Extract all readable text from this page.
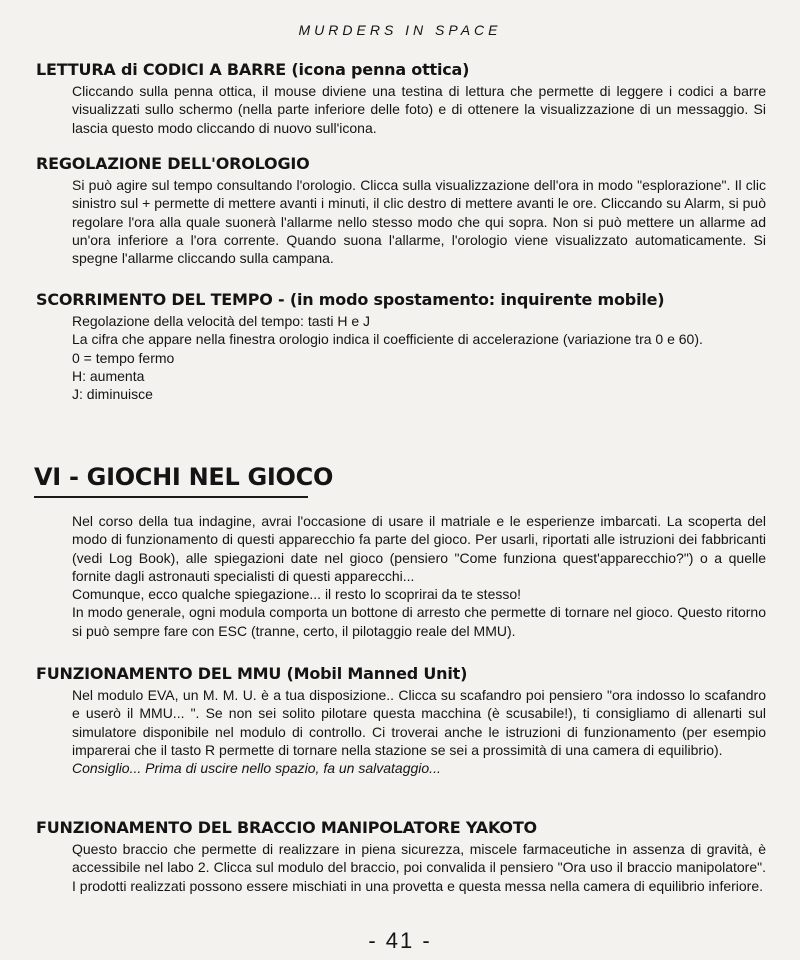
MURDERS IN SPACE
LETTURA di CODICI A BARRE (icona penna ottica)

Cliccando sulla penna ottica, il mouse diviene una testina di lettura che permette di leggere i codici a barre visualizzati sullo schermo (nella parte inferiore delle foto) e di ottenere la visualizzazione di un messaggio. Si lascia questo modo cliccando di nuovo sull'icona.

REGOLAZIONE DELL'OROLOGIO

Si può agire sul tempo consultando l'orologio. Clicca sulla visualizzazione dell'ora in modo "esplorazione". Il clic sinistro sul + permette di mettere avanti i minuti, il clic destro di mettere avanti le ore. Cliccando su Alarm, si può regolare l'ora alla quale suonerà l'allarme nello stesso modo che qui sopra. Non si può mettere un allarme ad un'ora inferiore a l'ora corrente. Quando suona l'allarme, l'orologio viene visualizzato automaticamente. Si spegne l'allarme cliccando sulla campana.

SCORRIMENTO DEL TEMPO - (in modo spostamento: inquirente mobile)

Regolazione della velocità del tempo: tasti H e J

La cifra che appare nella finestra orologio indica il coefficiente di accelerazione (variazione tra 0 e 60).

0 = tempo fermo

H: aumenta

J: diminuisce

VI - GIOCHI NEL GIOCO

Nel corso della tua indagine, avrai l'occasione di usare il matriale e le esperienze imbarcati. La scoperta del modo di funzionamento di questi apparecchio fa parte del gioco. Per usarli, riportati alle istruzioni dei fabbricanti (vedi Log Book), alle spiegazioni date nel gioco (pensiero "Come funziona quest'apparecchio?") o a quelle fornite dagli astronauti specialisti di questi apparecchi...

Comunque, ecco qualche spiegazione... il resto lo scoprirai da te stesso!

In modo generale, ogni modula comporta un bottone di arresto che permette di tornare nel gioco. Questo ritorno si può sempre fare con ESC (tranne, certo, il pilotaggio reale del MMU).

FUNZIONAMENTO DEL MMU (Mobil Manned Unit)

Nel modulo EVA, un M. M. U. è a tua disposizione.. Clicca su scafandro poi pensiero "ora indosso lo scafandro e userò il MMU... ". Se non sei solito pilotare questa macchina (è scusabile!), ti consigliamo di allenarti sul simulatore disponibile nel modulo di controllo. Ci troverai anche le istruzioni di funzionamento (per esempio imparerai che il tasto R permette di tornare nella stazione se sei a prossimità di una camera di equilibrio).

Consiglio... Prima di uscire nello spazio, fa un salvataggio...

FUNZIONAMENTO DEL BRACCIO MANIPOLATORE YAKOTO

Questo braccio che permette di realizzare in piena sicurezza, miscele farmaceutiche in assenza di gravità, è accessibile nel labo 2. Clicca sul modulo del braccio, poi convalida il pensiero "Ora uso il braccio manipolatore". I prodotti realizzati possono essere mischiati in una provetta e questa messa nella camera di equilibrio inferiore.

- 41 -
